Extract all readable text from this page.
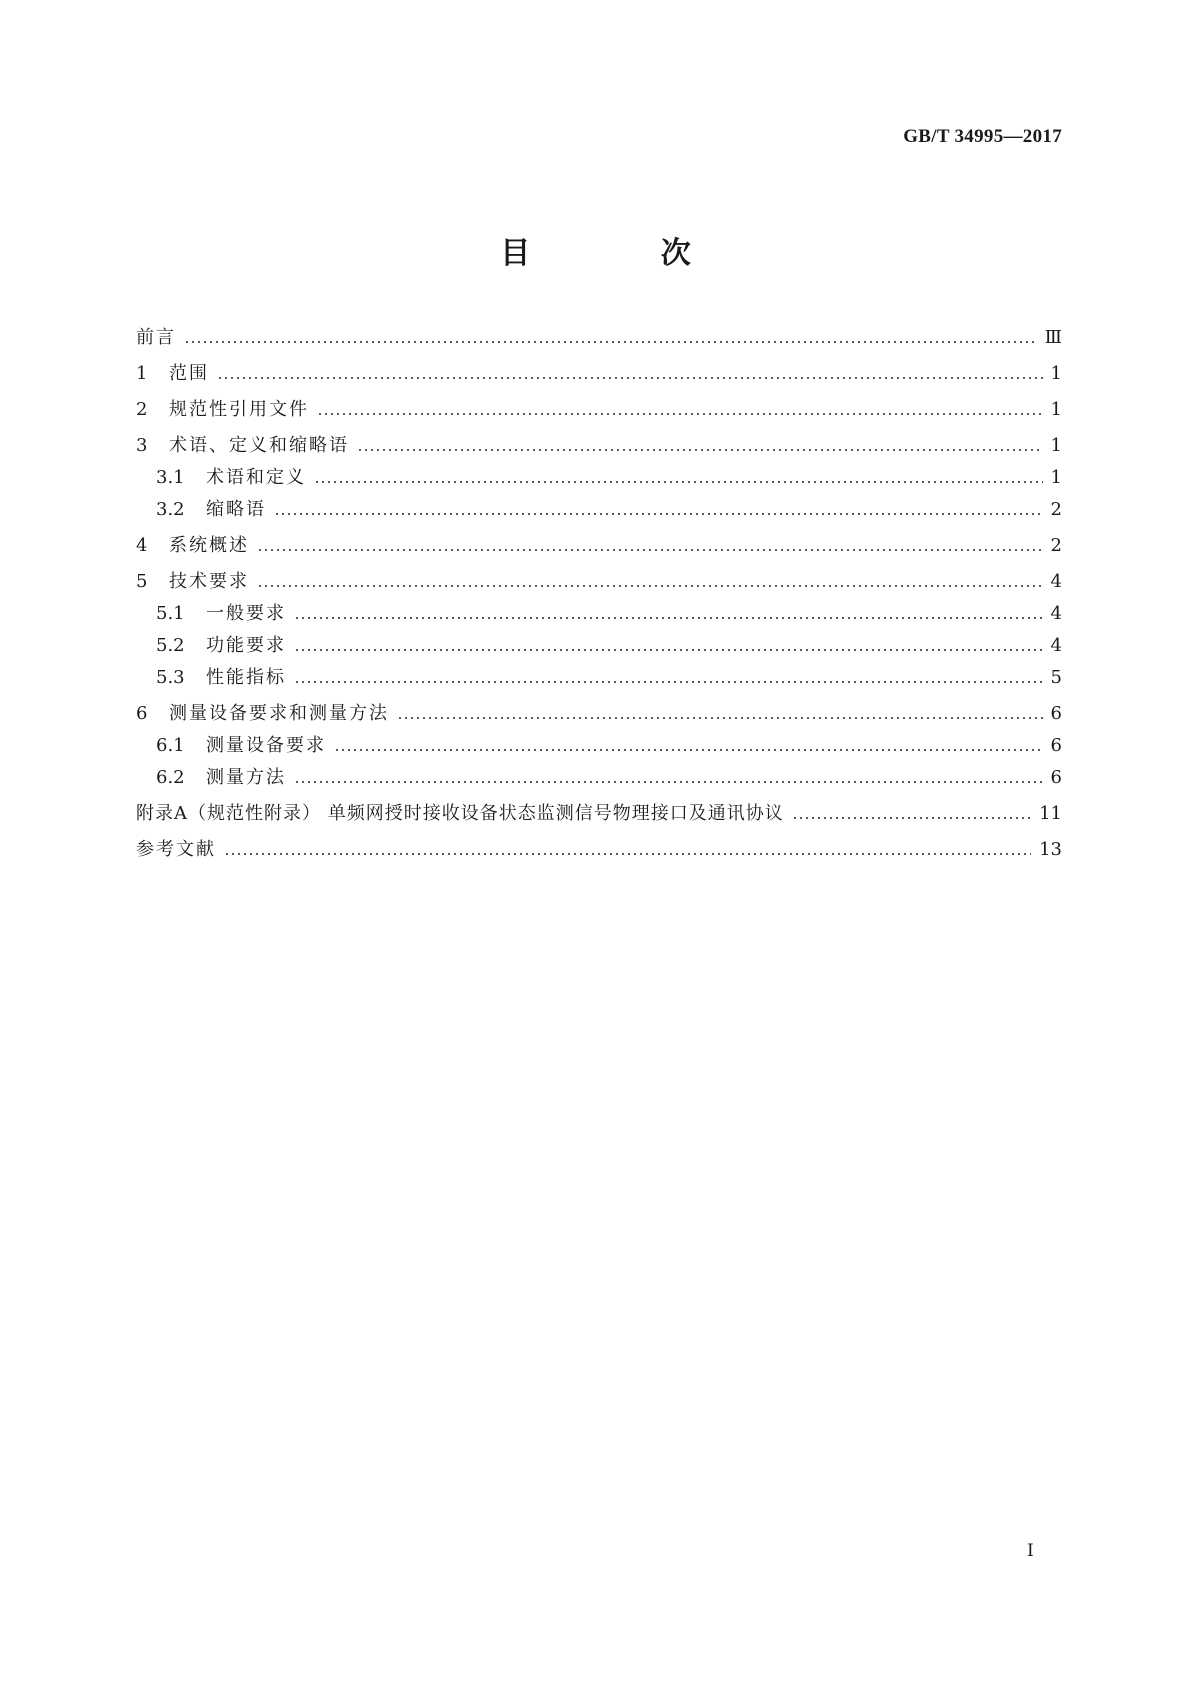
GB/T 34995—2017
目 次
前言	Ⅲ
1	范围	1
2	规范性引用文件	1
3	术语、定义和缩略语	1
3.1	术语和定义	1
3.2	缩略语	2
4	系统概述	2
5	技术要求	4
5.1	一般要求	4
5.2	功能要求	4
5.3	性能指标	5
6	测量设备要求和测量方法	6
6.1	测量设备要求	6
6.2	测量方法	6
附录A（规范性附录） 单频网授时接收设备状态监测信号物理接口及通讯协议	11
参考文献	13
I
